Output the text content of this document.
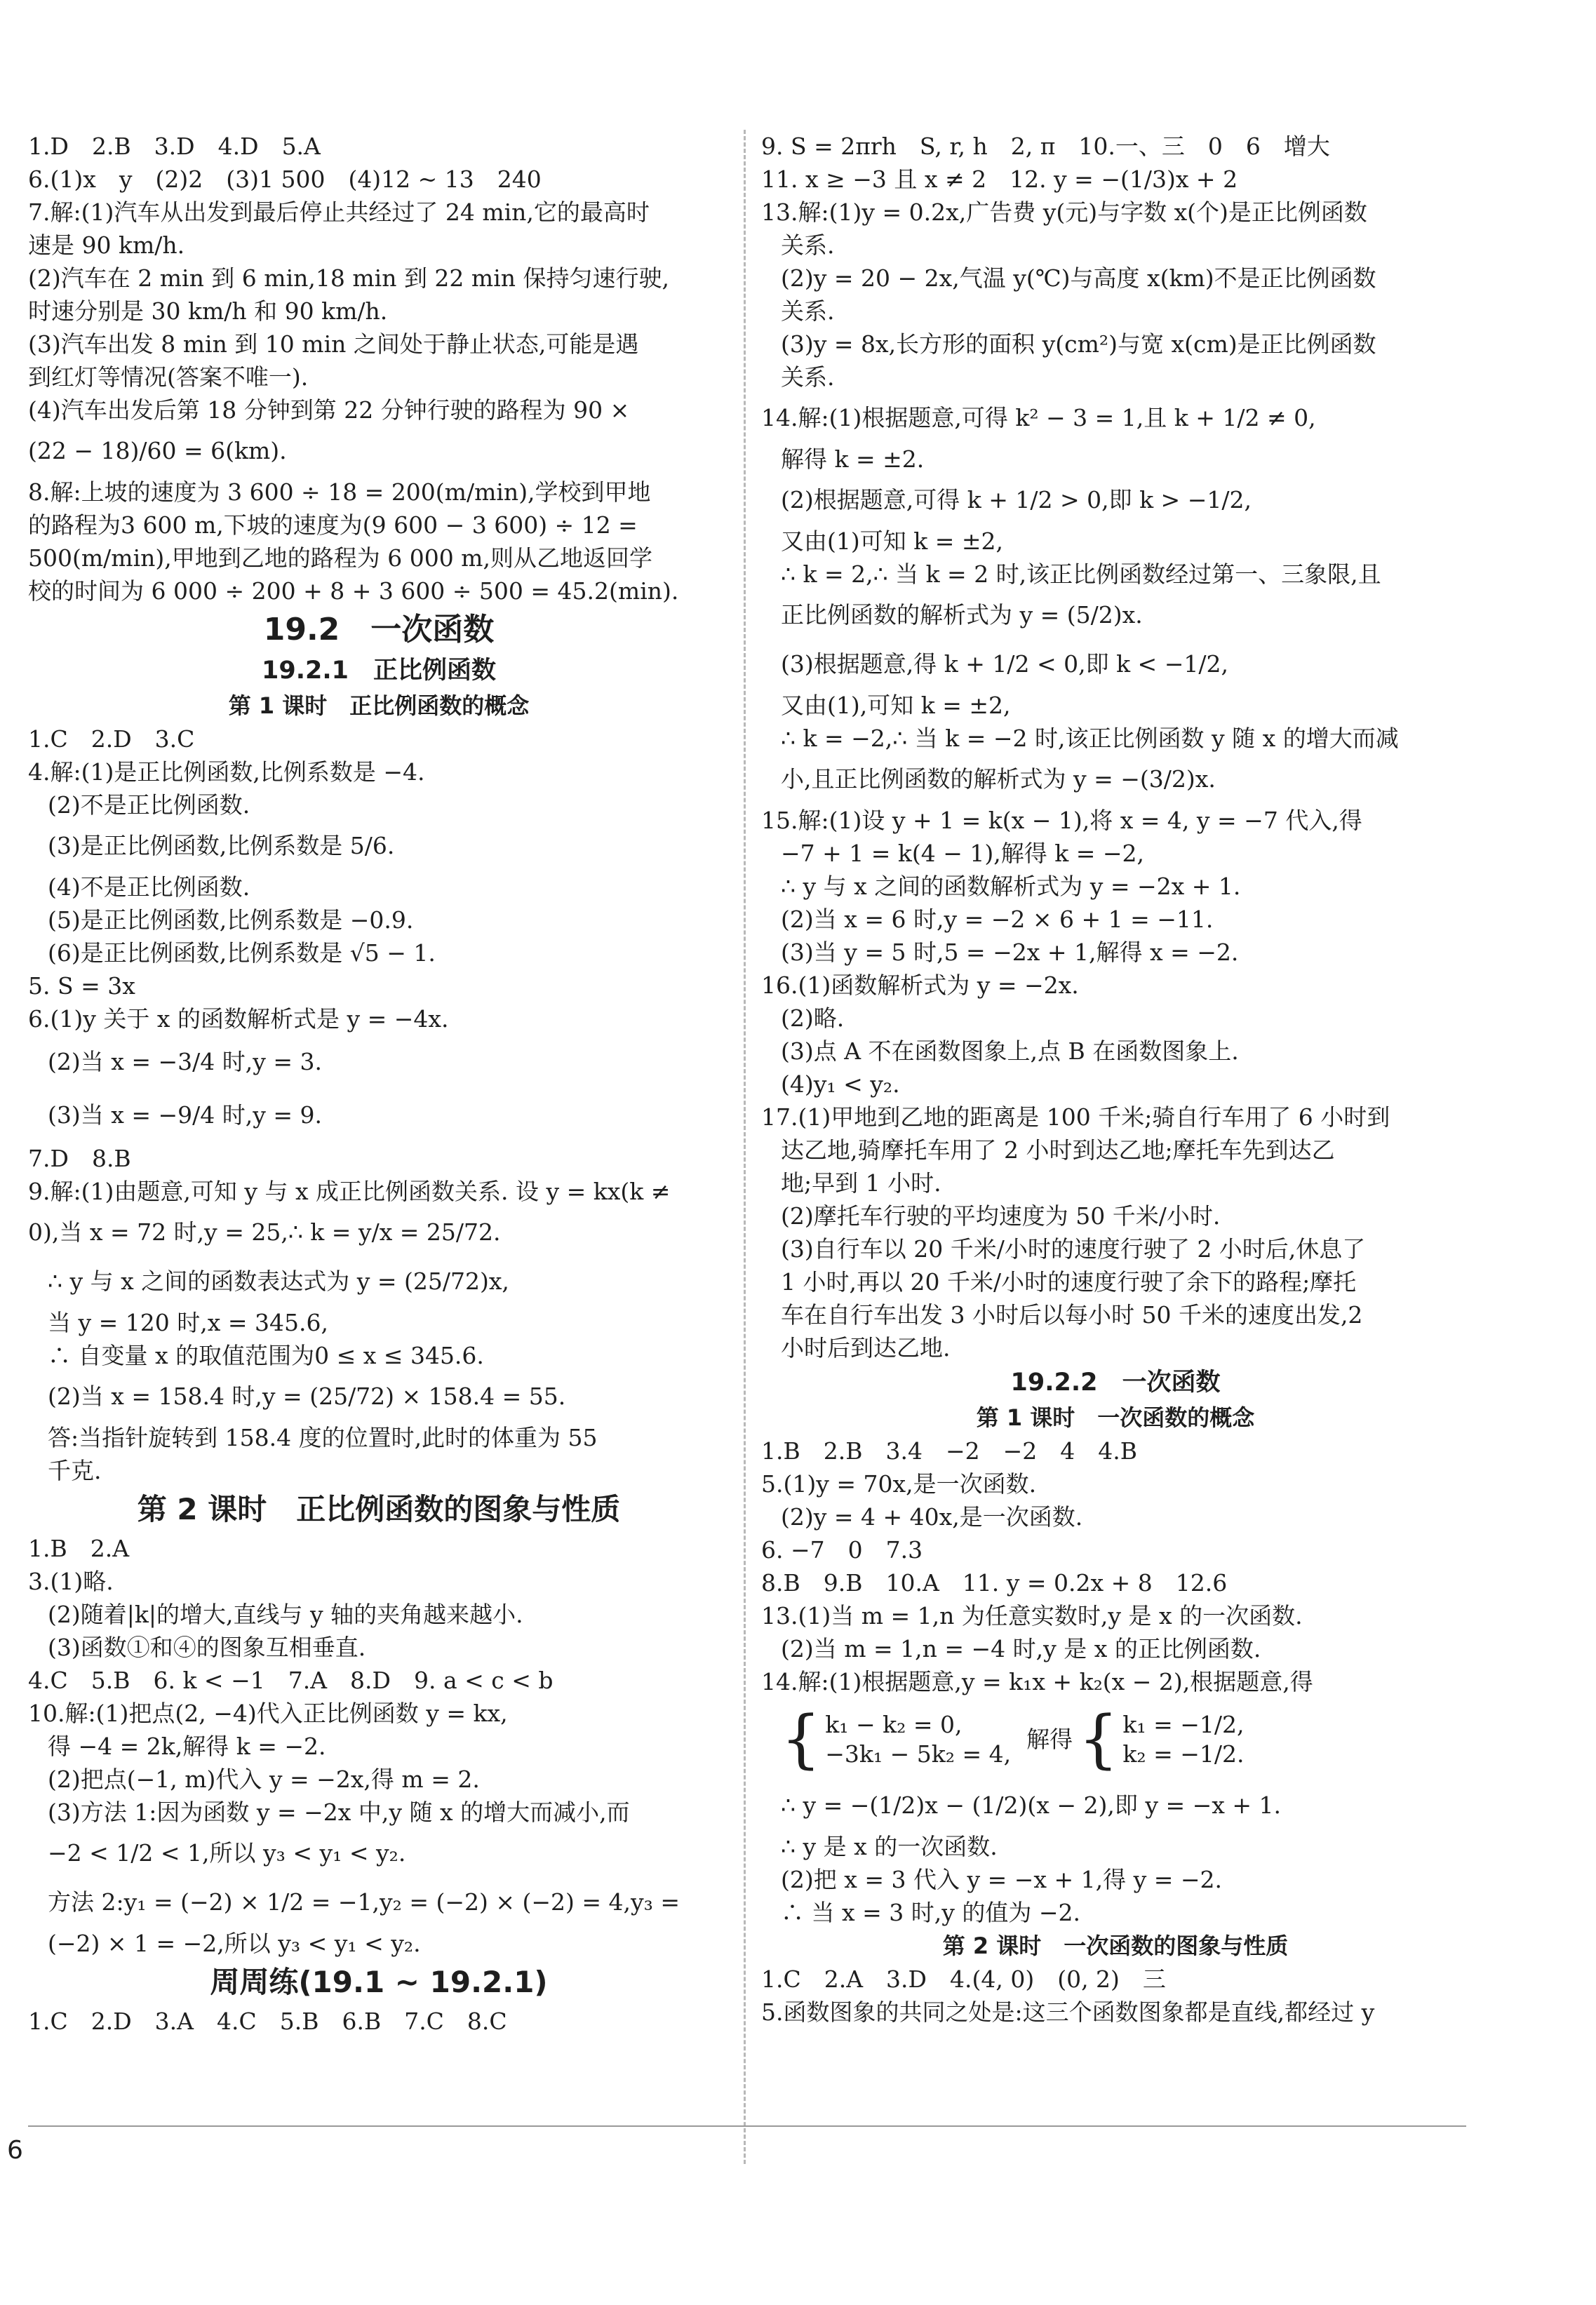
1.D　2.B　3.D　4.D　5.A

6.(1)x　y　(2)2　(3)1 500　(4)12 ~ 13　240

7.解:(1)汽车从出发到最后停止共经过了 24 min,它的最高时

速是 90 km/h.

(2)汽车在 2 min 到 6 min,18 min 到 22 min 保持匀速行驶,

时速分别是 30 km/h 和 90 km/h.

(3)汽车出发 8 min 到 10 min 之间处于静止状态,可能是遇

到红灯等情况(答案不唯一).

(4)汽车出发后第 18 分钟到第 22 分钟行驶的路程为 90 ×

(22 − 18)/60 = 6(km).

8.解:上坡的速度为 3 600 ÷ 18 = 200(m/min),学校到甲地

的路程为3 600 m,下坡的速度为(9 600 − 3 600) ÷ 12 =

500(m/min),甲地到乙地的路程为 6 000 m,则从乙地返回学

校的时间为 6 000 ÷ 200 + 8 + 3 600 ÷ 500 = 45.2(min).

19.2　一次函数

19.2.1　正比例函数

第 1 课时　正比例函数的概念

1.C　2.D　3.C

4.解:(1)是正比例函数,比例系数是 −4.

(2)不是正比例函数.

(3)是正比例函数,比例系数是 5/6.

(4)不是正比例函数.

(5)是正比例函数,比例系数是 −0.9.

(6)是正比例函数,比例系数是 √5 − 1.

5. S = 3x

6.(1)y 关于 x 的函数解析式是 y = −4x.

(2)当 x = −3/4 时,y = 3.

(3)当 x = −9/4 时,y = 9.

7.D　8.B

9.解:(1)由题意,可知 y 与 x 成正比例函数关系. 设 y = kx(k ≠

0),当 x = 72 时,y = 25,∴ k = y/x = 25/72.

∴ y 与 x 之间的函数表达式为 y = (25/72)x,

当 y = 120 时,x = 345.6,

∴ 自变量 x 的取值范围为0 ≤ x ≤ 345.6.

(2)当 x = 158.4 时,y = (25/72) × 158.4 = 55.

答:当指针旋转到 158.4 度的位置时,此时的体重为 55

千克.

第 2 课时　正比例函数的图象与性质

1.B　2.A

3.(1)略.

(2)随着|k|的增大,直线与 y 轴的夹角越来越小.

(3)函数①和④的图象互相垂直.

4.C　5.B　6. k < −1　7.A　8.D　9. a < c < b

10.解:(1)把点(2, −4)代入正比例函数 y = kx,

得 −4 = 2k,解得 k = −2.

(2)把点(−1, m)代入 y = −2x,得 m = 2.

(3)方法 1:因为函数 y = −2x 中,y 随 x 的增大而减小,而

−2 < 1/2 < 1,所以 y₃ < y₁ < y₂.

方法 2:y₁ = (−2) × 1/2 = −1,y₂ = (−2) × (−2) = 4,y₃ =

(−2) × 1 = −2,所以 y₃ < y₁ < y₂.

周周练(19.1 ~ 19.2.1)

1.C　2.D　3.A　4.C　5.B　6.B　7.C　8.C

9. S = 2πrh　S, r, h　2, π　10.一、三　0　6　增大

11. x ≥ −3 且 x ≠ 2　12. y = −(1/3)x + 2

13.解:(1)y = 0.2x,广告费 y(元)与字数 x(个)是正比例函数

关系.

(2)y = 20 − 2x,气温 y(℃)与高度 x(km)不是正比例函数

关系.

(3)y = 8x,长方形的面积 y(cm²)与宽 x(cm)是正比例函数

关系.

14.解:(1)根据题意,可得 k² − 3 = 1,且 k + 1/2 ≠ 0,

解得 k = ±2.

(2)根据题意,可得 k + 1/2 > 0,即 k > −1/2,

又由(1)可知 k = ±2,

∴ k = 2,∴ 当 k = 2 时,该正比例函数经过第一、三象限,且

正比例函数的解析式为 y = (5/2)x.

(3)根据题意,得 k + 1/2 < 0,即 k < −1/2,

又由(1),可知 k = ±2,

∴ k = −2,∴ 当 k = −2 时,该正比例函数 y 随 x 的增大而减

小,且正比例函数的解析式为 y = −(3/2)x.

15.解:(1)设 y + 1 = k(x − 1),将 x = 4, y = −7 代入,得

−7 + 1 = k(4 − 1),解得 k = −2,

∴ y 与 x 之间的函数解析式为 y = −2x + 1.

(2)当 x = 6 时,y = −2 × 6 + 1 = −11.

(3)当 y = 5 时,5 = −2x + 1,解得 x = −2.

16.(1)函数解析式为 y = −2x.

(2)略.

(3)点 A 不在函数图象上,点 B 在函数图象上.

(4)y₁ < y₂.

17.(1)甲地到乙地的距离是 100 千米;骑自行车用了 6 小时到

达乙地,骑摩托车用了 2 小时到达乙地;摩托车先到达乙

地;早到 1 小时.

(2)摩托车行驶的平均速度为 50 千米/小时.

(3)自行车以 20 千米/小时的速度行驶了 2 小时后,休息了

1 小时,再以 20 千米/小时的速度行驶了余下的路程;摩托

车在自行车出发 3 小时后以每小时 50 千米的速度出发,2

小时后到达乙地.

19.2.2　一次函数

第 1 课时　一次函数的概念

1.B　2.B　3.4　−2　−2　4　4.B

5.(1)y = 70x,是一次函数.

(2)y = 4 + 40x,是一次函数.

6. −7　0　7.3

8.B　9.B　10.A　11. y = 0.2x + 8　12.6

13.(1)当 m = 1,n 为任意实数时,y 是 x 的一次函数.

(2)当 m = 1,n = −4 时,y 是 x 的正比例函数.

14.解:(1)根据题意,y = k₁x + k₂(x − 2),根据题意,得

{ k₁ − k₂ = 0,
−3k₁ − 5k₂ = 4,
解得 { k₁ = −1/2,
k₂ = −1/2.

∴ y = −(1/2)x − (1/2)(x − 2),即 y = −x + 1.

∴ y 是 x 的一次函数.

(2)把 x = 3 代入 y = −x + 1,得 y = −2.

∴ 当 x = 3 时,y 的值为 −2.

第 2 课时　一次函数的图象与性质

1.C　2.A　3.D　4.(4, 0)　(0, 2)　三

5.函数图象的共同之处是:这三个函数图象都是直线,都经过 y

6
